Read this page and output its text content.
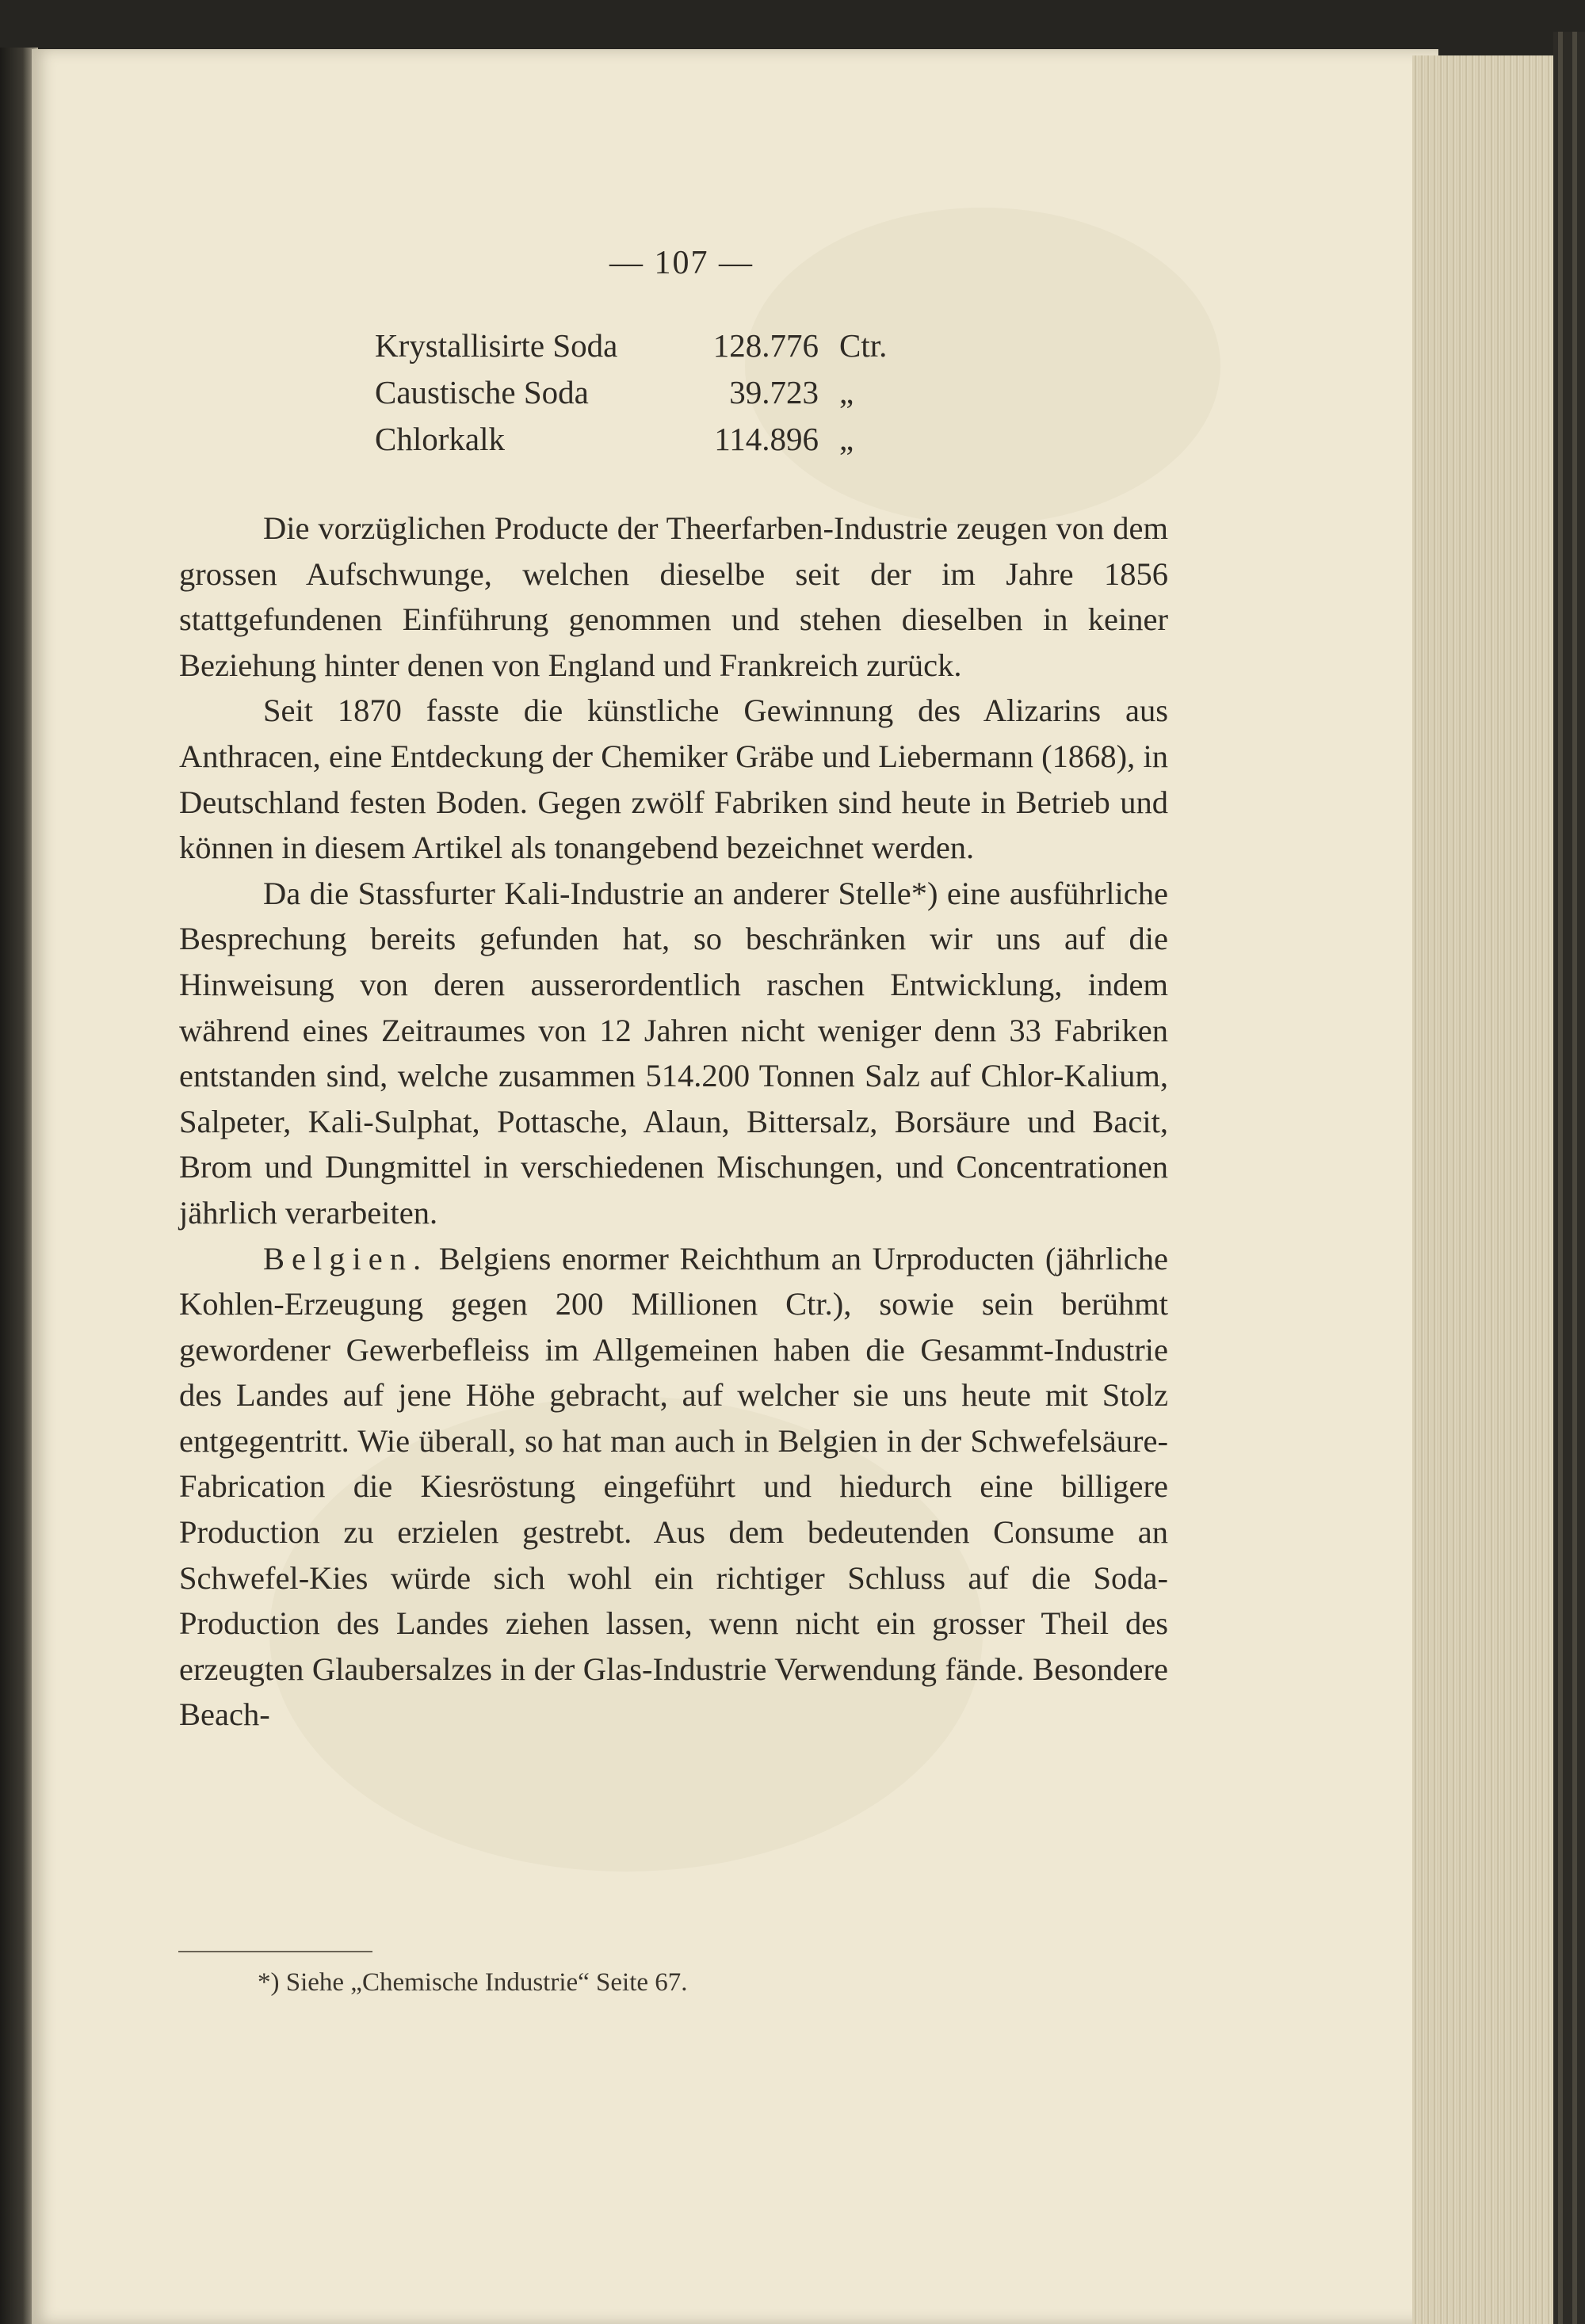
— 107 —
Krystallisirte Soda	128.776 Ctr.
Caustische Soda	39.723 „
Chlorkalk	114.896 „

Die vorzüglichen Producte der Theerfarben-Industrie zeugen von dem grossen Aufschwunge, welchen dieselbe seit der im Jahre 1856 stattgefundenen Einführung genommen und stehen dieselben in keiner Beziehung hinter denen von England und Frankreich zurück.

Seit 1870 fasste die künstliche Gewinnung des Alizarins aus Anthracen, eine Entdeckung der Chemiker Gräbe und Liebermann (1868), in Deutschland festen Boden. Gegen zwölf Fabriken sind heute in Betrieb und können in diesem Artikel als tonangebend bezeichnet werden.

Da die Stassfurter Kali-Industrie an anderer Stelle*) eine ausführliche Besprechung bereits gefunden hat, so beschränken wir uns auf die Hinweisung von deren ausserordentlich raschen Entwicklung, indem während eines Zeitraumes von 12 Jahren nicht weniger denn 33 Fabriken entstanden sind, welche zusammen 514.200 Tonnen Salz auf Chlor-Kalium, Salpeter, Kali-Sulphat, Pottasche, Alaun, Bittersalz, Borsäure und Bacit, Brom und Dungmittel in verschiedenen Mischungen, und Concentrationen jährlich verarbeiten.

Belgien. Belgiens enormer Reichthum an Urproducten (jährliche Kohlen-Erzeugung gegen 200 Millionen Ctr.), sowie sein berühmt gewordener Gewerbefleiss im Allgemeinen haben die Gesammt-Industrie des Landes auf jene Höhe gebracht, auf welcher sie uns heute mit Stolz entgegentritt. Wie überall, so hat man auch in Belgien in der Schwefelsäure-Fabrication die Kiesröstung eingeführt und hiedurch eine billigere Production zu erzielen gestrebt. Aus dem bedeutenden Consume an Schwefel-Kies würde sich wohl ein richtiger Schluss auf die Soda-Production des Landes ziehen lassen, wenn nicht ein grosser Theil des erzeugten Glaubersalzes in der Glas-Industrie Verwendung fände. Besondere Beach-

*) Siehe „Chemische Industrie“ Seite 67.
